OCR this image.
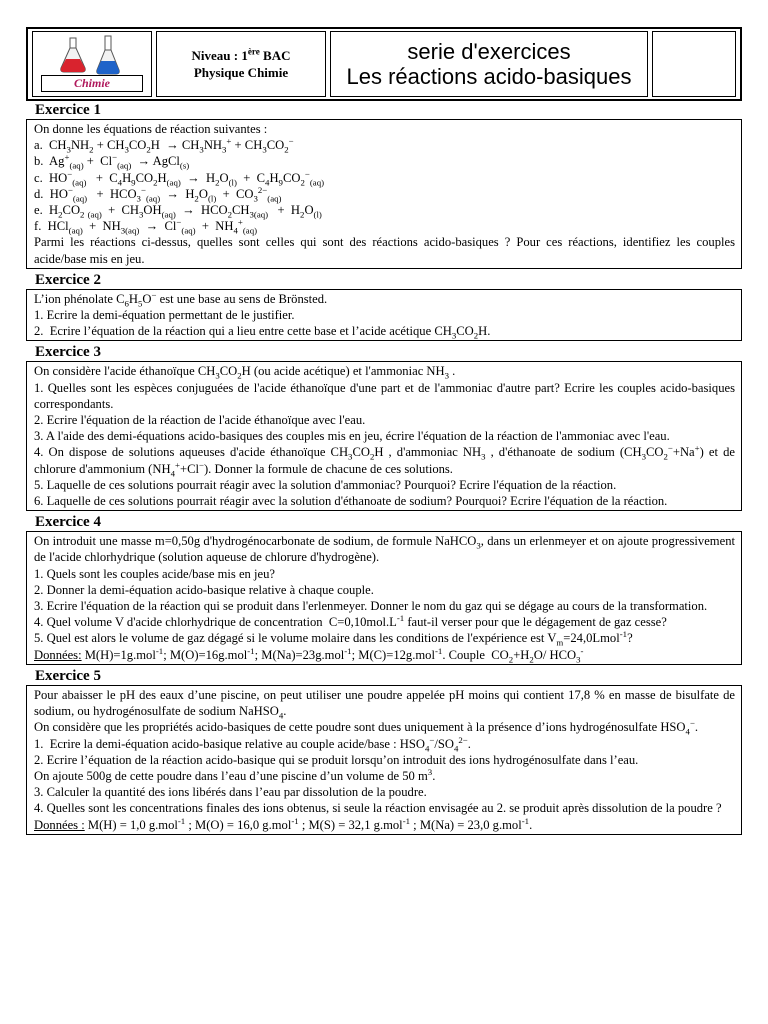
Chimie
Niveau : 1ère BAC
Physique Chimie
serie d'exercices
Les réactions acido-basiques
Exercice 1
On donne les équations de réaction suivantes :
a.  $CH_3NH_2 + CH_3CO_2H \to CH_3NH_3^+ + CH_3CO_2^-$
b.  $Ag^+_{(aq)} + Cl^-_{(aq)}$  → AgCl$_{(s)}$
c.  $HO^-_{(aq)} + C_4H_9CO_2H_{(aq)} \to H_2O_{(l)} + C_4H_9CO_2^-_{(aq)}$
d.  $HO^-_{(aq)} + HCO_3^-_{(aq)} \to H_2O_{(l)} + CO_3^{2-}_{(aq)}$
e.  $H_2CO_2$ $_{(aq)} + CH_3OH_{(aq)} \to HCO_2CH_{3(aq)} + H_2O_{(l)}$
f.  $HCl_{(aq)} + NH_{3(aq)} \to Cl^-_{(aq)} + NH_4^+_{(aq)}$
Parmi les réactions ci-dessus, quelles sont celles qui sont des réactions acido-basiques ? Pour ces réactions, identifiez les couples acide/base mis en jeu.
Exercice 2
L’ion phénolate $C_6H_5O^-$ est une base au sens de Brönsted.
1. Ecrire la demi-équation permettant de le justifier.
2.  Ecrire l’équation de la réaction qui a lieu entre cette base et l’acide acétique $CH_3CO_2H$.
Exercice 3
On considère l'acide éthanoïque $CH_3CO_2H$ (ou acide acétique) et l'ammoniac $NH_3$ .
1. Quelles sont les espèces conjuguées de l'acide éthanoïque d'une part et de l'ammoniac d'autre part? Ecrire les couples acido-basiques correspondants.
2. Ecrire l'équation de la réaction de l'acide éthanoïque avec l'eau.
3. A l'aide des demi-équations acido-basiques des couples mis en jeu, écrire l'équation de la réaction de l'ammoniac avec l'eau.
4. On dispose de solutions aqueuses d'acide éthanoïque $CH_3CO_2H$ , d'ammoniac $NH_3$ , d'éthanoate de sodium $(CH_3CO_2^-+Na^+)$ et de chlorure d'ammonium $(NH_4^++Cl^-)$. Donner la formule de chacune de ces solutions.
5. Laquelle de ces solutions pourrait réagir avec la solution d'ammoniac? Pourquoi? Ecrire l'équation de la réaction.
6. Laquelle de ces solutions pourrait réagir avec la solution d'éthanoate de sodium? Pourquoi? Ecrire l'équation de la réaction.
Exercice 4
On introduit une masse m=0,50g d'hydrogénocarbonate de sodium, de formule NaHCO$_3$, dans un erlenmeyer et on ajoute progressivement de l'acide chlorhydrique (solution aqueuse de chlorure d'hydrogène).
1. Quels sont les couples acide/base mis en jeu?
2. Donner la demi-équation acido-basique relative à chaque couple.
3. Ecrire l'équation de la réaction qui se produit dans l'erlenmeyer. Donner le nom du gaz qui se dégage au cours de la transformation.
4. Quel volume V d'acide chlorhydrique de concentration  $C=0,10mol.L^{-1}$ faut-il verser pour que le dégagement de gaz cesse?
5. Quel est alors le volume de gaz dégagé si le volume molaire dans les conditions de l'expérience est $V_m=24,0Lmol^{-1}$?
Données: M(H)=1g.mol$^{-1}$; M(O)=16g.mol$^{-1}$; M(Na)=23g.mol$^{-1}$; M(C)=12g.mol$^{-1}$. Couple  $CO_2+H_2O/$ $HCO_3^-$
Exercice 5
Pour abaisser le pH des eaux d’une piscine, on peut utiliser une poudre appelée pH moins qui contient 17,8 % en masse de bisulfate de sodium, ou hydrogénosulfate de sodium NaHSO$_4$.
On considère que les propriétés acido-basiques de cette poudre sont dues uniquement à la présence d’ions hydrogénosulfate $HSO_4^-$.
1.  Ecrire la demi-équation acido-basique relative au couple acide/base : $HSO_4^-/SO_4^{2-}$.
2. Ecrire l’équation de la réaction acido-basique qui se produit lorsqu’on introduit des ions hydrogénosulfate dans l’eau.
On ajoute 500g de cette poudre dans l’eau d’une piscine d’un volume de 50 $m^3$.
3. Calculer la quantité des ions libérés dans l’eau par dissolution de la poudre.
4. Quelles sont les concentrations finales des ions obtenus, si seule la réaction envisagée au 2. se produit après dissolution de la poudre ?
Données : M(H) = 1,0 g.mol$^{-1}$ ; M(O) = 16,0 g.mol$^{-1}$ ; M(S) = 32,1 g.mol$^{-1}$ ; M(Na) = 23,0 g.mol$^{-1}$.
